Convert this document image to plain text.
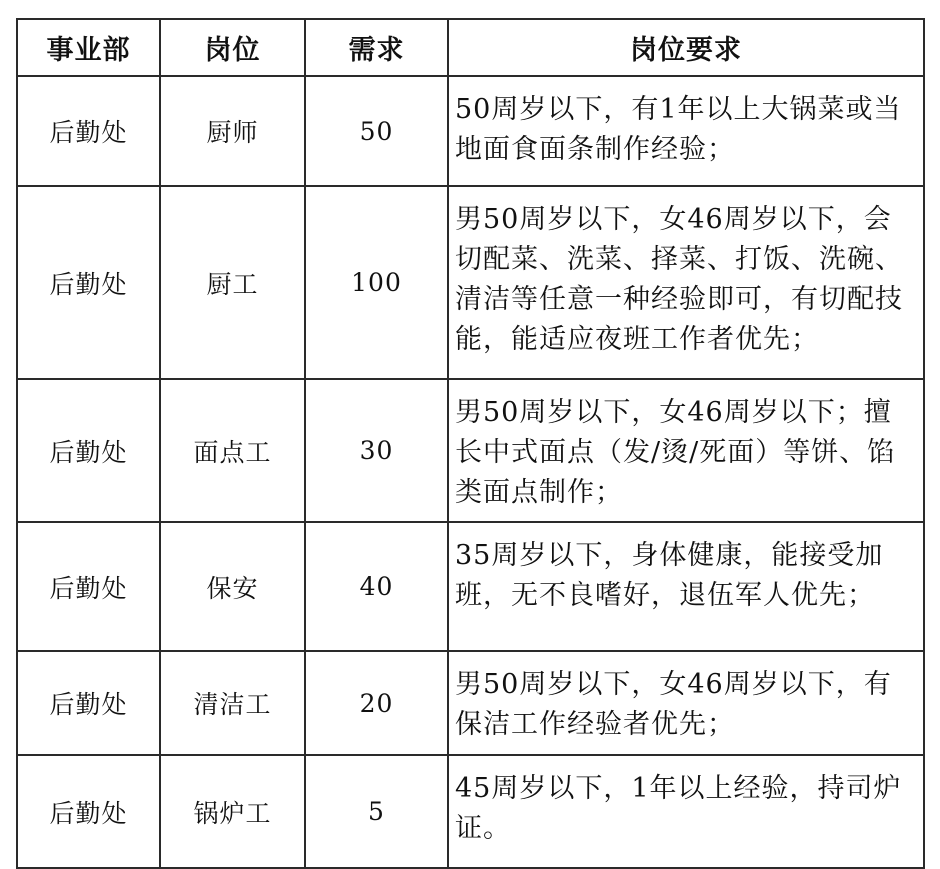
事业部	岗位	需求	岗位要求
后勤处	厨师	50	50周岁以下，有1年以上大锅菜或当地面食面条制作经验；
后勤处	厨工	100	男50周岁以下，女46周岁以下，会切配菜、洗菜、择菜、打饭、洗碗、清洁等任意一种经验即可，有切配技能，能适应夜班工作者优先；
后勤处	面点工	30	男50周岁以下，女46周岁以下；擅长中式面点（发/烫/死面）等饼、馅类面点制作；
后勤处	保安	40	35周岁以下，身体健康，能接受加班，无不良嗜好，退伍军人优先；
后勤处	清洁工	20	男50周岁以下，女46周岁以下，有保洁工作经验者优先；
后勤处	锅炉工	5	45周岁以下，1年以上经验，持司炉证。
